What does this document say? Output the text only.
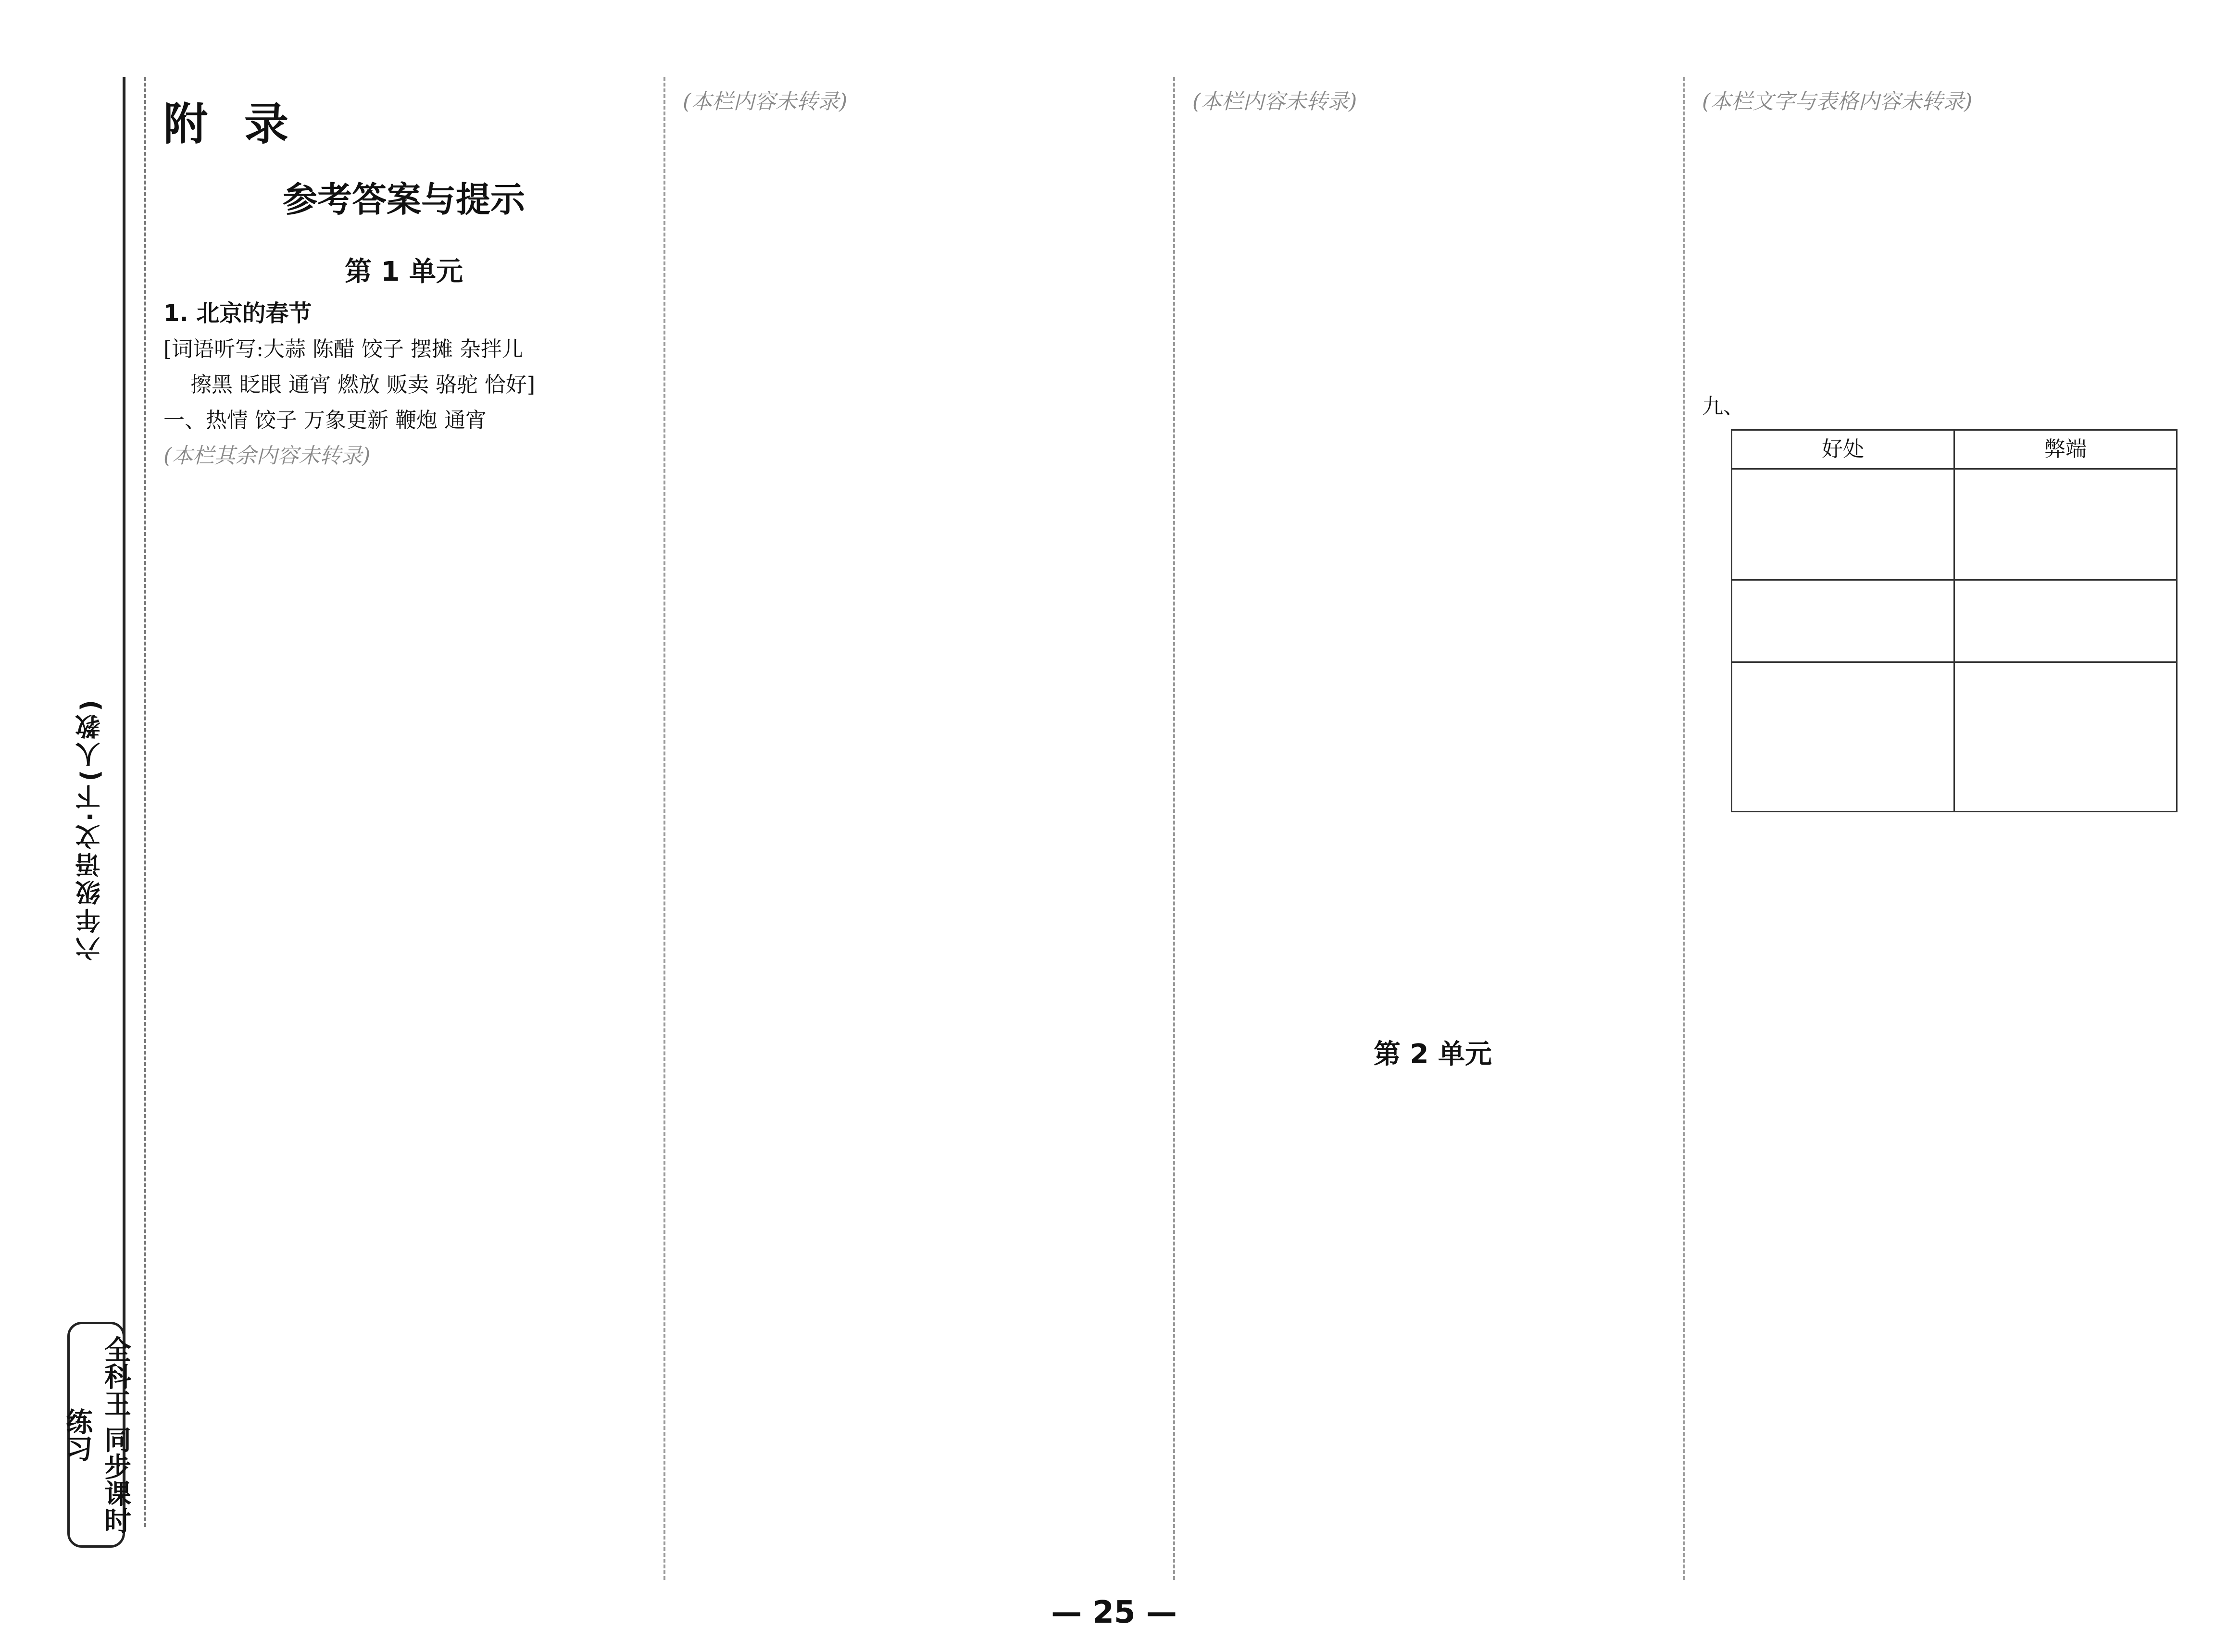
六年级语文·下(人教)
全科王 同步课时练习
附 录
参考答案与提示
第 1 单元
1. 北京的春节

[词语听写:大蒜 陈醋 饺子 摆摊 杂拌儿

擦黑 眨眼 通宵 燃放 贩卖 骆驼 恰好]

一、热情 饺子 万象更新 鞭炮 通宵

(本栏其余内容未转录)

(本栏内容未转录)	(本栏内容未转录)

第 2 单元

(本栏文字与表格内容未转录)

九、
好处	弊端

— 25 —
